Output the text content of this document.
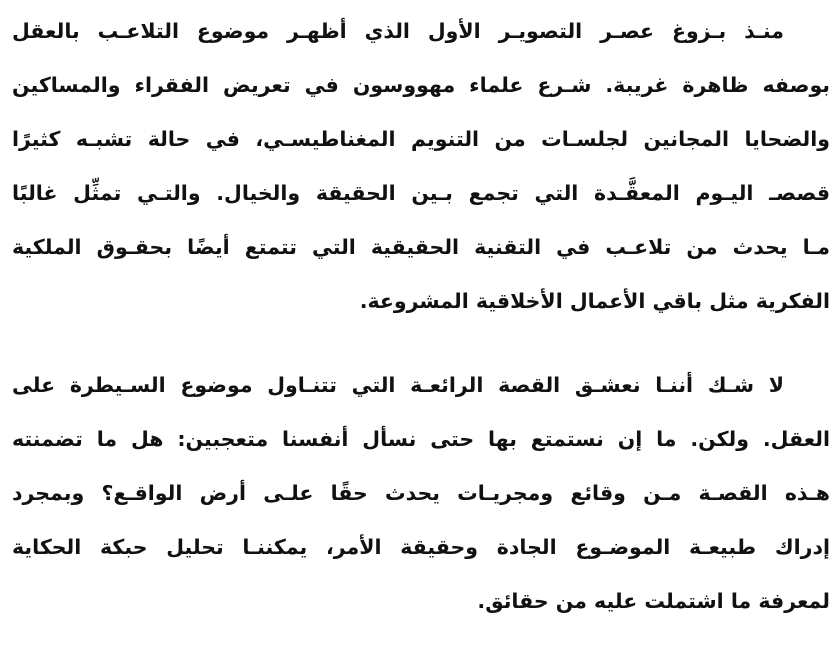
منـذ بـزوغ عصـر التصويـر الأول الذي أظهـر موضوع التلاعـب بالعقل
بوصفه ظاهرة غريبة. شـرع علماء مهووسون في تعريض الفقراء والمساكين
والضحايا المجانين لجلسـات من التنويم المغناطيسـي، في حالة تشبـه كثيرًا
قصصـ اليـوم المعقَّـدة التي تجمع بـين الحقيقة والخيال. والتـي تمثِّل غالبًا
مـا يحدث من تلاعـب في التقنية الحقيقية التي تتمتع أيضًا بحقـوق الملكية
الفكرية مثل باقي الأعمال الأخلاقية المشروعة.
لا شـك أننـا نعشـق القصة الرائعـة التي تتنـاول موضوع السـيطرة على
العقل. ولكن. ما إن نستمتع بها حتى نسأل أنفسنا متعجبين: هل ما تضمنته
هـذه القصـة مـن وقائع ومجريـات يحدث حقًا علـى أرض الواقـع؟ وبمجرد
إدراك طبيعـة الموضـوع الجادة وحقيقة الأمر، يمكننـا تحليل حبكة الحكاية
لمعرفة ما اشتملت عليه من حقائق.
